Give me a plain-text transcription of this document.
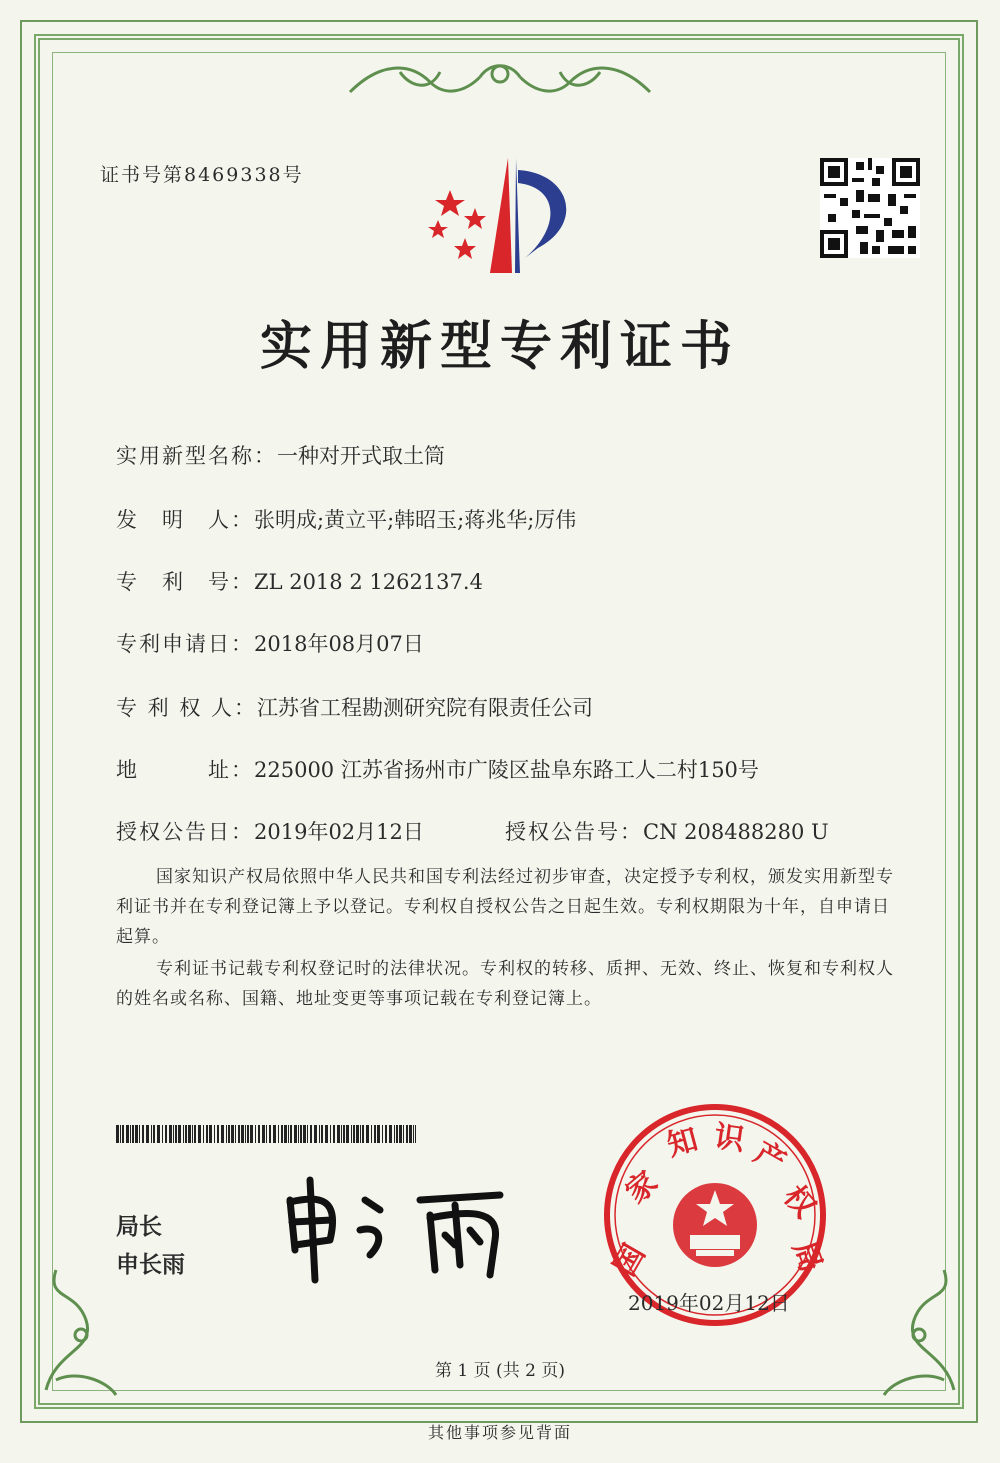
证书号第8469338号
实用新型专利证书
实用新型名称：一种对开式取土筒
发　明　人：张明成;黄立平;韩昭玉;蒋兆华;厉伟
专　利　号：ZL 2018 2 1262137.4
专利申请日：2018年08月07日
专 利 权 人：江苏省工程勘测研究院有限责任公司
地　　　址：225000 江苏省扬州市广陵区盐阜东路工人二村150号
授权公告日：2019年02月12日	授权公告号：CN 208488280 U
国家知识产权局依照中华人民共和国专利法经过初步审查，决定授予专利权，颁发实用新型专利证书并在专利登记簿上予以登记。专利权自授权公告之日起生效。专利权期限为十年，自申请日起算。
专利证书记载专利权登记时的法律状况。专利权的转移、质押、无效、终止、恢复和专利权人的姓名或名称、国籍、地址变更等事项记载在专利登记簿上。
局长
申长雨	国
家
知 识 产
权
局
2019年02月12日
第 1 页 (共 2 页)
其他事项参见背面
